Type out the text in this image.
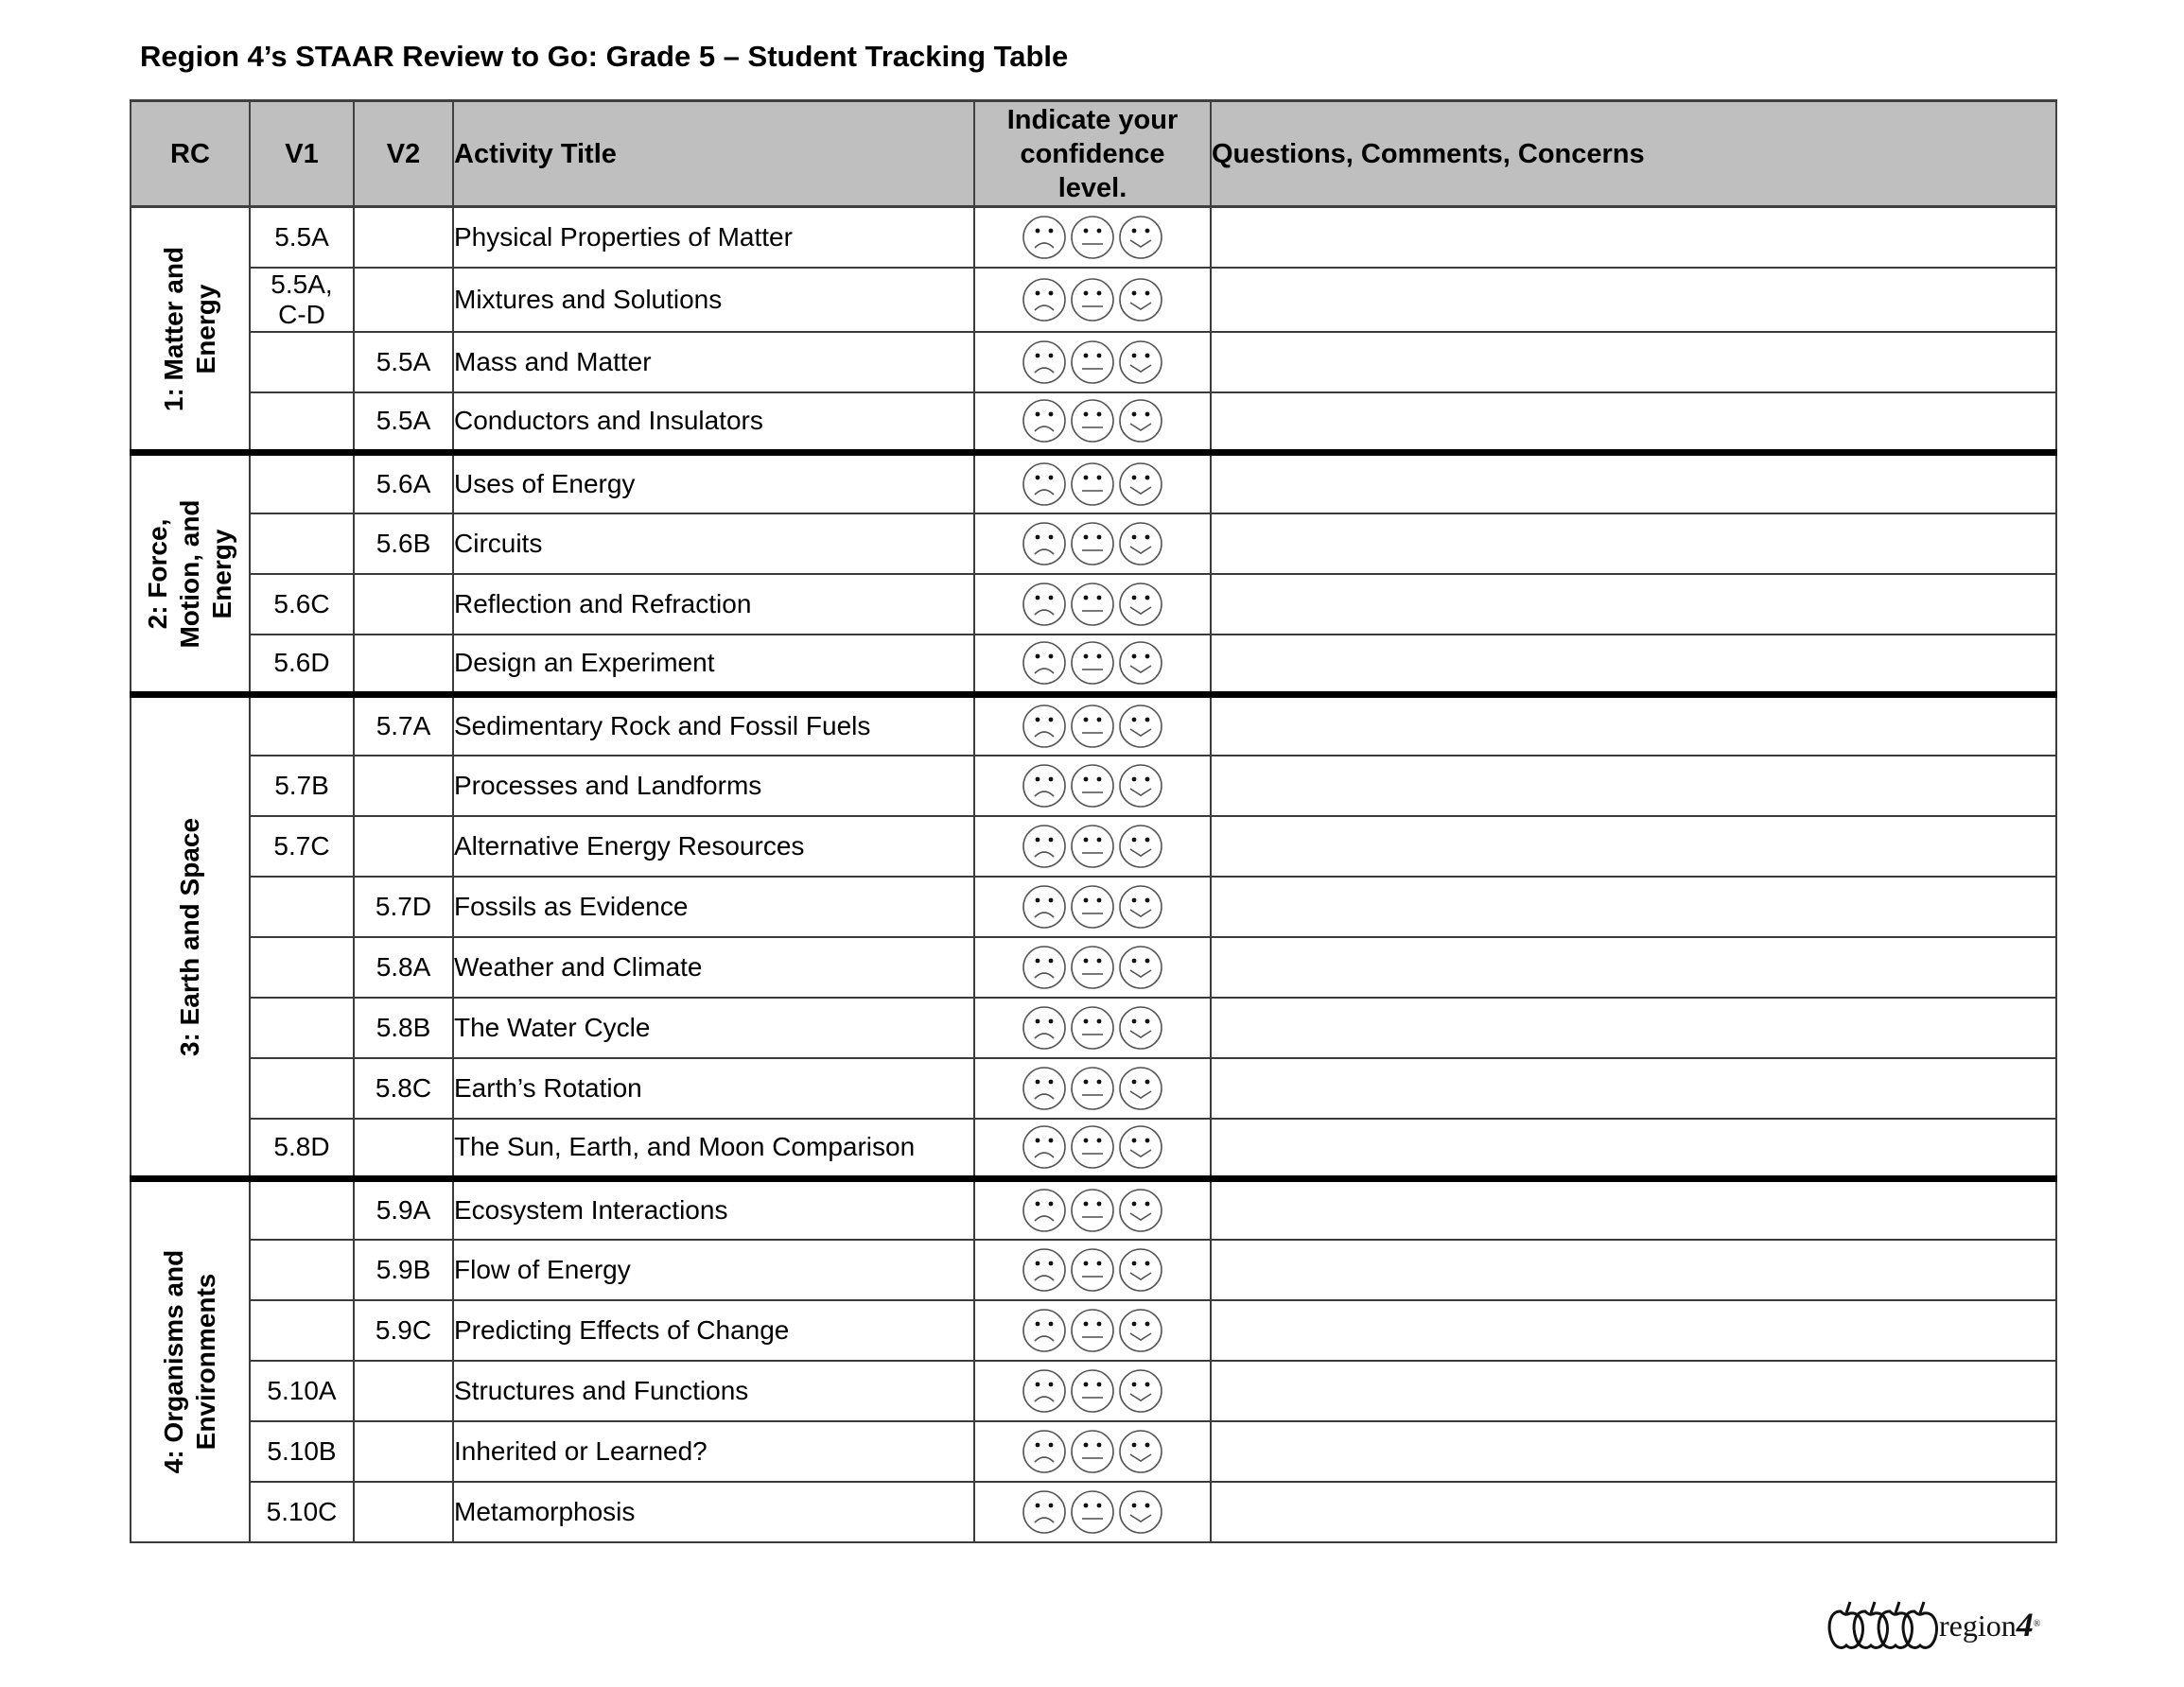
Region 4’s STAAR Review to Go: Grade 5 – Student Tracking Table
RC	V1	V2	Activity Title	Indicate your
confidence
level.	Questions, Comments, Concerns

1: Matter and Energy	5.5A		Physical Properties of Matter	

	5.5A,
C-D		Mixtures and Solutions	

		5.5A	Mass and Matter	

		5.5A	Conductors and Insulators	

2: Force, Motion, and Energy		5.6A	Uses of Energy	

		5.6B	Circuits	

	5.6C		Reflection and Refraction	

	5.6D		Design an Experiment	

3: Earth and Space		5.7A	Sedimentary Rock and Fossil Fuels	

	5.7B		Processes and Landforms	

	5.7C		Alternative Energy Resources	

		5.7D	Fossils as Evidence	

		5.8A	Weather and Climate	

		5.8B	The Water Cycle	

		5.8C	Earth’s Rotation	

	5.8D		The Sun, Earth, and Moon Comparison	

4: Organisms and Environments		5.9A	Ecosystem Interactions	

		5.9B	Flow of Energy	

		5.9C	Predicting Effects of Change	

	5.10A		Structures and Functions	

	5.10B		Inherited or Learned?	

	5.10C		Metamorphosis	

region4®
